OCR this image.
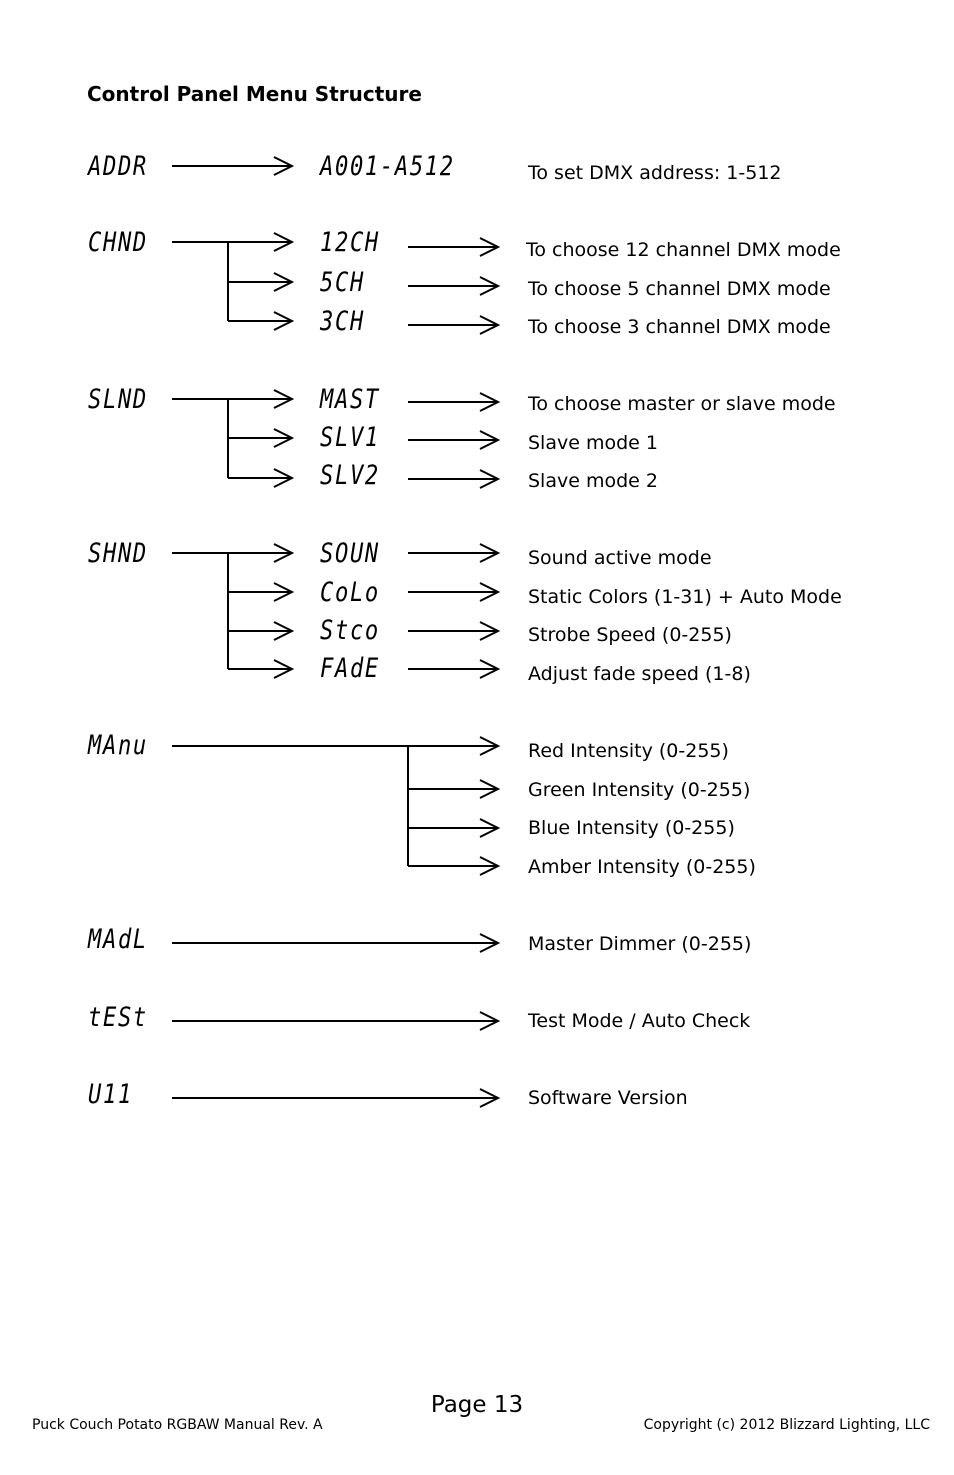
Control Panel Menu Structure
ADDR
CHND
SLND
SHND
MAnu
MAdL
tESt
U11
A001-A512
12CH
5CH
3CH
MAST
SLV1
SLV2
SOUN
CoLo
Stco
FAdE
To set DMX address: 1-512
To choose 12 channel DMX mode
To choose 5 channel DMX mode
To choose 3 channel DMX mode
To choose master or slave mode
Slave mode 1
Slave mode 2
Sound active mode
Static Colors (1-31) + Auto Mode
Strobe Speed (0-255)
Adjust fade speed (1-8)
Red Intensity (0-255)
Green Intensity (0-255)
Blue Intensity (0-255)
Amber Intensity (0-255)
Master Dimmer (0-255)
Test Mode / Auto Check
Software Version
Page 13
Puck Couch Potato RGBAW Manual Rev. A	Copyright (c) 2012 Blizzard Lighting, LLC
